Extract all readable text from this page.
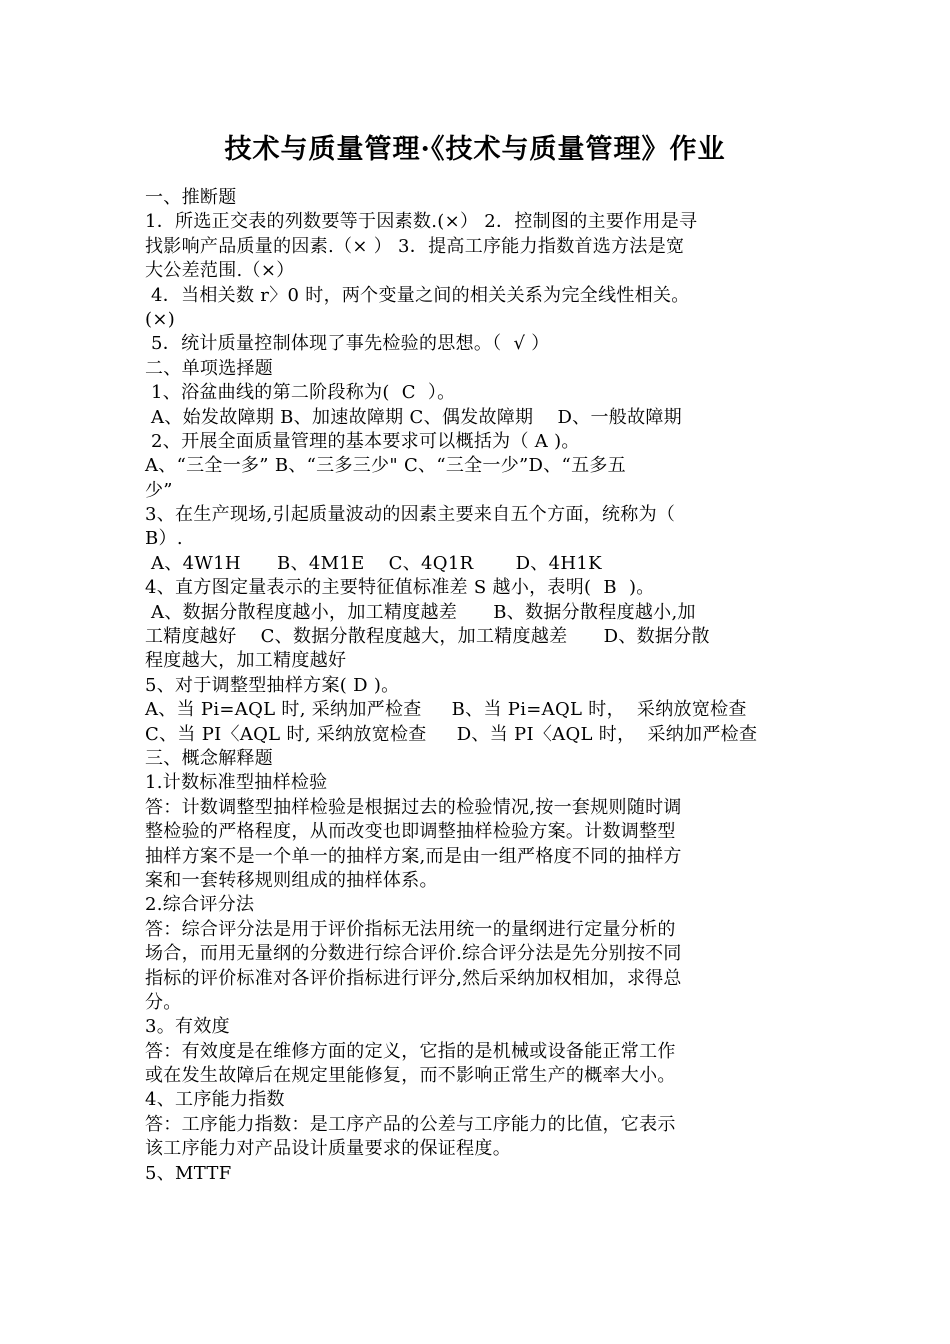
技术与质量管理·《技术与质量管理》作业
一、推断题
1．所选正交表的列数要等于因素数.(×） 2．控制图的主要作用是寻
找影响产品质量的因素.（× ） 3．提高工序能力指数首选方法是宽
大公差范围.（×）
4．当相关数 r〉0 时，两个变量之间的相关关系为完全线性相关。
(×)
5．统计质量控制体现了事先检验的思想。（  √ ）
二、单项选择题
1、浴盆曲线的第二阶段称为(  C  ）。
A、始发故障期 B、加速故障期 C、偶发故障期    D、一般故障期
2、开展全面质量管理的基本要求可以概括为（ A )。
A、“三全一多” B、“三多三少" C、“三全一少”D、“五多五
少”
3、在生产现场,引起质量波动的因素主要来自五个方面，统称为（
B）.
A、4W1H      B、4M1E    C、4Q1R       D、4H1K
4、直方图定量表示的主要特征值标准差 S 越小，表明(  B  )。
A、数据分散程度越小，加工精度越差      B、数据分散程度越小,加
工精度越好    C、数据分散程度越大，加工精度越差      D、数据分散
程度越大，加工精度越好
5、对于调整型抽样方案( D )。
A、当 Pi=AQL 时, 采纳加严检查     B、当 Pi=AQL 时，  采纳放宽检查
C、当 PI〈AQL 时, 采纳放宽检查     D、当 PI〈AQL 时，  采纳加严检查
三、概念解释题
1.计数标准型抽样检验
答：计数调整型抽样检验是根据过去的检验情况,按一套规则随时调
整检验的严格程度，从而改变也即调整抽样检验方案。计数调整型
抽样方案不是一个单一的抽样方案,而是由一组严格度不同的抽样方
案和一套转移规则组成的抽样体系。
2.综合评分法
答：综合评分法是用于评价指标无法用统一的量纲进行定量分析的
场合，而用无量纲的分数进行综合评价.综合评分法是先分别按不同
指标的评价标准对各评价指标进行评分,然后采纳加权相加，求得总
分。
3。有效度
答：有效度是在维修方面的定义，它指的是机械或设备能正常工作
或在发生故障后在规定里能修复，而不影响正常生产的概率大小。
4、工序能力指数
答：工序能力指数：是工序产品的公差与工序能力的比值，它表示
该工序能力对产品设计质量要求的保证程度。
5、MTTF
